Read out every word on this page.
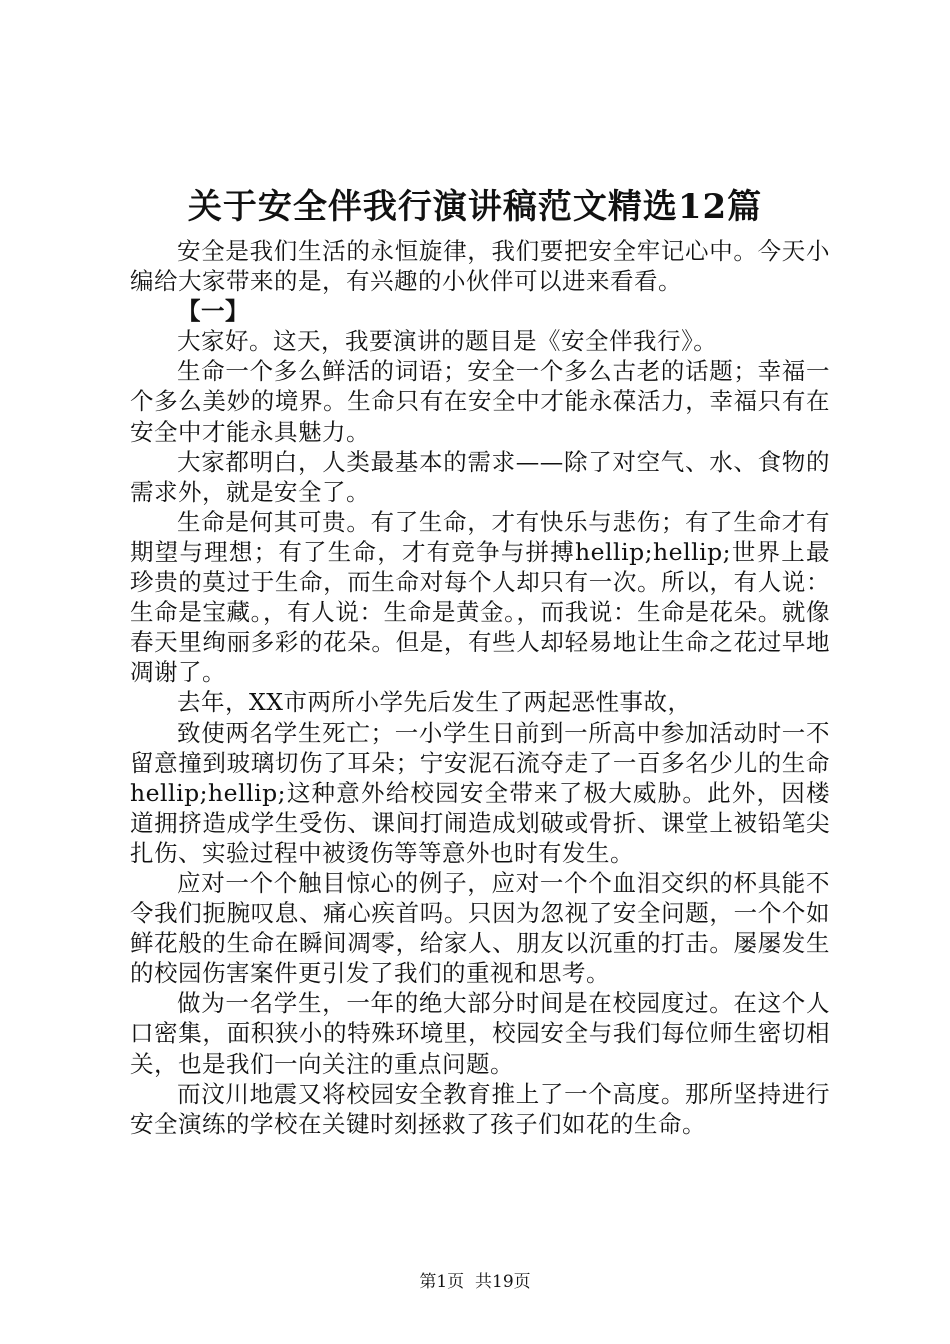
关于安全伴我行演讲稿范文精选12篇

安全是我们生活的永恒旋律，我们要把安全牢记心中。今天小编给大家带来的是，有兴趣的小伙伴可以进来看看。

【一】

大家好。这天，我要演讲的题目是《安全伴我行》。

生命一个多么鲜活的词语；安全一个多么古老的话题；幸福一个多么美妙的境界。生命只有在安全中才能永葆活力，幸福只有在安全中才能永具魅力。

大家都明白，人类最基本的需求——除了对空气、水、食物的需求外，就是安全了。

生命是何其可贵。有了生命，才有快乐与悲伤；有了生命才有期望与理想；有了生命，才有竞争与拼搏hellip;hellip;世界上最珍贵的莫过于生命，而生命对每个人却只有一次。所以，有人说：生命是宝藏。，有人说：生命是黄金。，而我说：生命是花朵。就像春天里绚丽多彩的花朵。但是，有些人却轻易地让生命之花过早地凋谢了。

去年，XX市两所小学先后发生了两起恶性事故，

致使两名学生死亡；一小学生日前到一所高中参加活动时一不留意撞到玻璃切伤了耳朵；宁安泥石流夺走了一百多名少儿的生命hellip;hellip;这种意外给校园安全带来了极大威胁。此外，因楼道拥挤造成学生受伤、课间打闹造成划破或骨折、课堂上被铅笔尖扎伤、实验过程中被烫伤等等意外也时有发生。

应对一个个触目惊心的例子，应对一个个血泪交织的杯具能不令我们扼腕叹息、痛心疾首吗。只因为忽视了安全问题，一个个如鲜花般的生命在瞬间凋零，给家人、朋友以沉重的打击。屡屡发生的校园伤害案件更引发了我们的重视和思考。

做为一名学生，一年的绝大部分时间是在校园度过。在这个人口密集，面积狭小的特殊环境里，校园安全与我们每位师生密切相关，也是我们一向关注的重点问题。

而汶川地震又将校园安全教育推上了一个高度。那所坚持进行安全演练的学校在关键时刻拯救了孩子们如花的生命。

第1页 共19页
